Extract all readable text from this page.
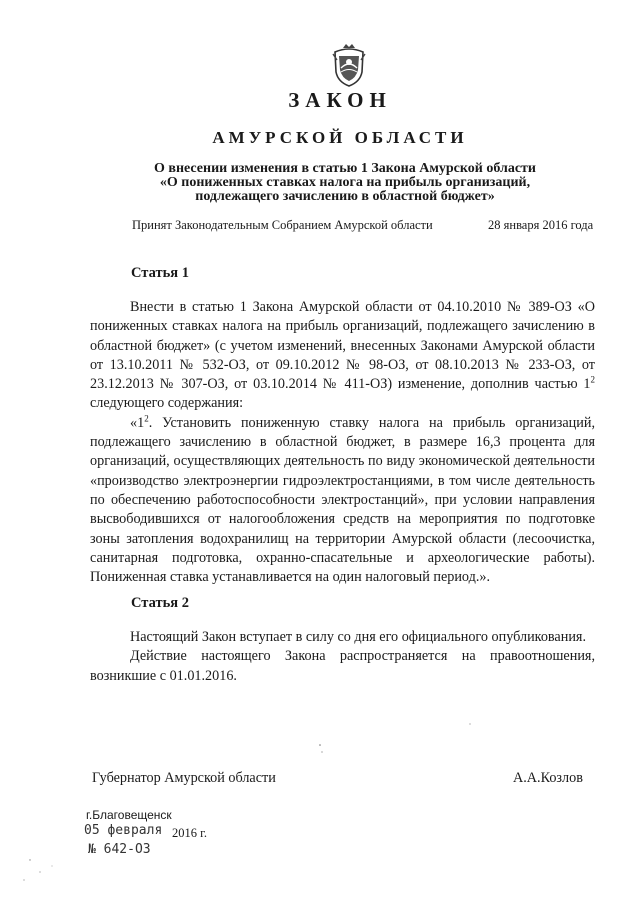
ЗАКОН
АМУРСКОЙ ОБЛАСТИ
О внесении изменения в статью 1 Закона Амурской области
«О пониженных ставках налога на прибыль организаций,
подлежащего зачислению в областной бюджет»
Принят Законодательным Собранием Амурской области	28 января 2016 года
Статья 1

Внести в статью 1 Закона Амурской области от 04.10.2010 № 389-ОЗ «О пониженных ставках налога на прибыль организаций, подлежащего зачислению в областной бюджет» (с учетом изменений, внесенных Законами Амурской области от 13.10.2011 № 532-ОЗ, от 09.10.2012 № 98-ОЗ, от 08.10.2013 № 233-ОЗ, от 23.12.2013 № 307-ОЗ, от 03.10.2014 № 411-ОЗ) изменение, дополнив частью $1^2$ следующего содержания:

«$1^2$. Установить пониженную ставку налога на прибыль организаций, подлежащего зачислению в областной бюджет, в размере 16,3 процента для организаций, осуществляющих деятельность по виду экономической деятельности «производство электроэнергии гидроэлектростанциями, в том числе деятельность по обеспечению работоспособности электростанций», при условии направления высвободившихся от налогообложения средств на мероприятия по подготовке зоны затопления водохранилищ на территории Амурской области (лесоочистка, санитарная подготовка, охранно-спасательные и археологические работы). Пониженная ставка устанавливается на один налоговый период.».

Статья 2

Настоящий Закон вступает в силу со дня его официального опубликования.

Действие настоящего Закона распространяется на правоотношения, возникшие с 01.01.2016.

Губернатор Амурской области	А.А.Козлов
г.Благовещенск
05 февраля 2016 г.
№ 642-ОЗ
